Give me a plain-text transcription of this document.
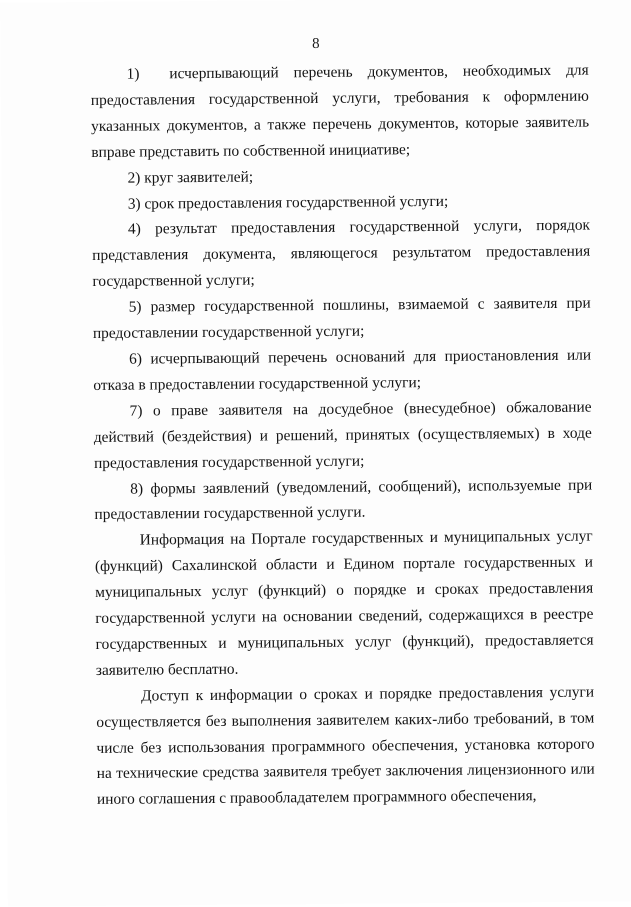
8

1)  исчерпывающий перечень документов, необходимых для предоставления государственной услуги, требования к оформлению указанных документов, а также перечень документов, которые заявитель вправе представить по собственной инициативе;

2) круг заявителей;

3) срок предоставления государственной услуги;

4) результат предоставления государственной услуги, порядок представления документа, являющегося результатом предоставления государственной услуги;

5) размер государственной пошлины, взимаемой с заявителя при предоставлении государственной услуги;

6) исчерпывающий перечень оснований для приостановления или отказа в предоставлении государственной услуги;

7) о праве заявителя на досудебное (внесудебное) обжалование действий (бездействия) и решений, принятых (осуществляемых) в ходе предоставления государственной услуги;

8) формы заявлений (уведомлений, сообщений), используемые при предоставлении государственной услуги.

Информация на Портале государственных и муниципальных услуг (функций) Сахалинской области и Едином портале государственных и муниципальных услуг (функций) о порядке и сроках предоставления государственной услуги на основании сведений, содержащихся в реестре государственных и муниципальных услуг (функций), предоставляется заявителю бесплатно.

Доступ к информации о сроках и порядке предоставления услуги осуществляется без выполнения заявителем каких-либо требований, в том числе без использования программного обеспечения, установка которого на технические средства заявителя требует заключения лицензионного или иного соглашения с правообладателем программного обеспечения,
